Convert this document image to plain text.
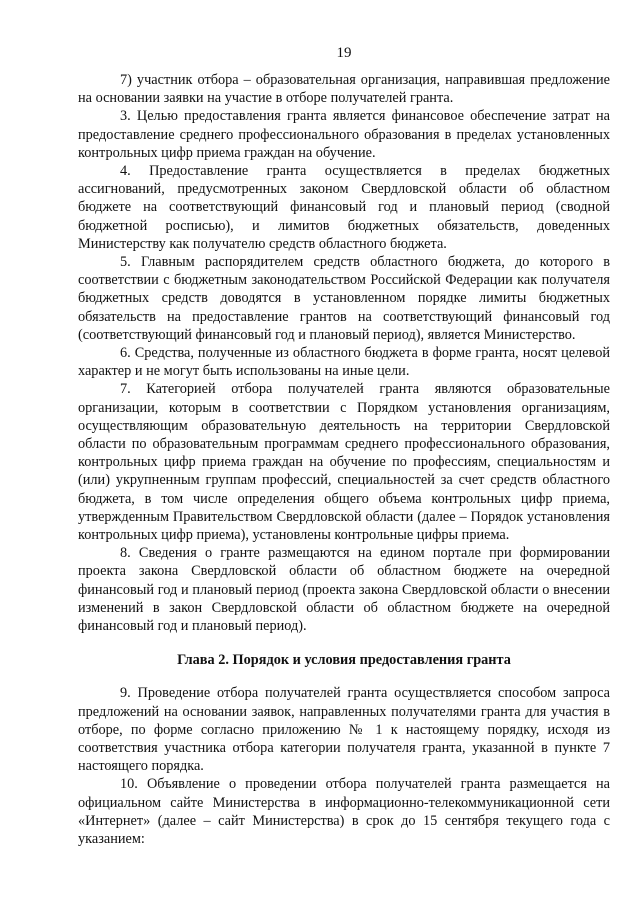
19

7) участник отбора – образовательная организация, направившая предложение на основании заявки на участие в отборе получателей гранта.

3. Целью предоставления гранта является финансовое обеспечение затрат на предоставление среднего профессионального образования в пределах установленных контрольных цифр приема граждан на обучение.

4. Предоставление гранта осуществляется в пределах бюджетных ассигнований, предусмотренных законом Свердловской области об областном бюджете на соответствующий финансовый год и плановый период (сводной бюджетной росписью), и лимитов бюджетных обязательств, доведенных Министерству как получателю средств областного бюджета.

5. Главным распорядителем средств областного бюджета, до которого в соответствии с бюджетным законодательством Российской Федерации как получателя бюджетных средств доводятся в установленном порядке лимиты бюджетных обязательств на предоставление грантов на соответствующий финансовый год (соответствующий финансовый год и плановый период), является Министерство.

6. Средства, полученные из областного бюджета в форме гранта, носят целевой характер и не могут быть использованы на иные цели.

7. Категорией отбора получателей гранта являются образовательные организации, которым в соответствии с Порядком установления организациям, осуществляющим образовательную деятельность на территории Свердловской области по образовательным программам среднего профессионального образования, контрольных цифр приема граждан на обучение по профессиям, специальностям и (или) укрупненным группам профессий, специальностей за счет средств областного бюджета, в том числе определения общего объема контрольных цифр приема, утвержденным Правительством Свердловской области (далее – Порядок установления контрольных цифр приема), установлены контрольные цифры приема.

8. Сведения о гранте размещаются на едином портале при формировании проекта закона Свердловской области об областном бюджете на очередной финансовый год и плановый период (проекта закона Свердловской области о внесении изменений в закон Свердловской области об областном бюджете на очередной финансовый год и плановый период).

Глава 2. Порядок и условия предоставления гранта

9. Проведение отбора получателей гранта осуществляется способом запроса предложений на основании заявок, направленных получателями гранта для участия в отборе, по форме согласно приложению № 1 к настоящему порядку, исходя из соответствия участника отбора категории получателя гранта, указанной в пункте 7 настоящего порядка.

10. Объявление о проведении отбора получателей гранта размещается на официальном сайте Министерства в информационно-телекоммуникационной сети «Интернет» (далее – сайт Министерства) в срок до 15 сентября текущего года с указанием:
